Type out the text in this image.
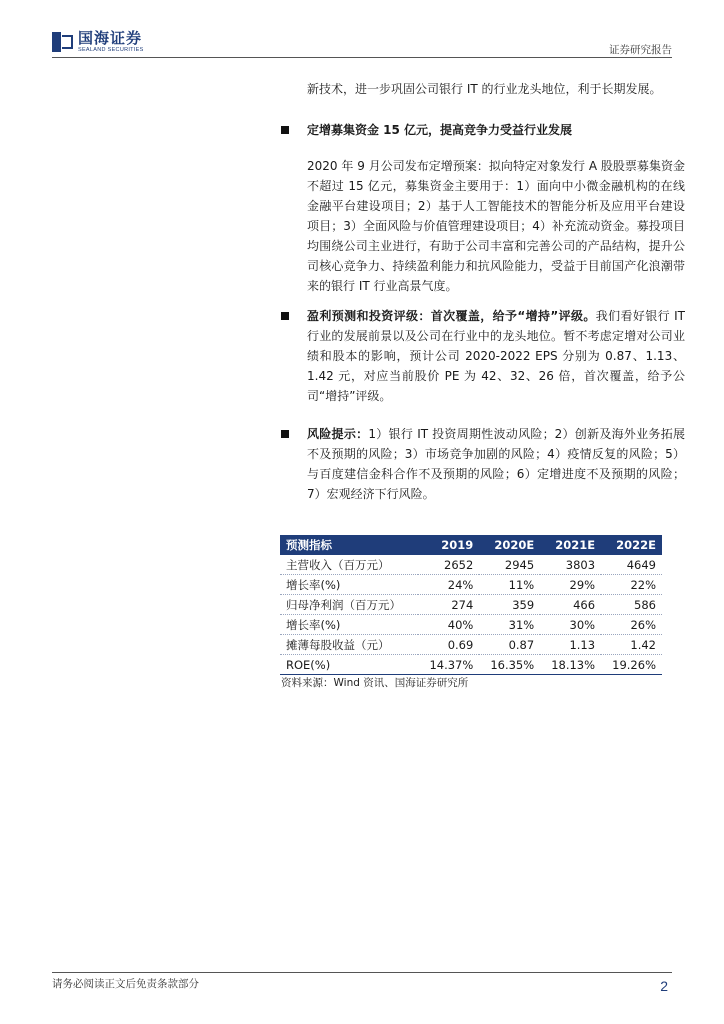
国海证券
SEALAND SECURITIES	证券研究报告
新技术，进一步巩固公司银行 IT 的行业龙头地位，利于长期发展。
定增募集资金 15 亿元，提高竞争力受益行业发展
2020 年 9 月公司发布定增预案：拟向特定对象发行 A 股股票募集资金不超过 15 亿元，募集资金主要用于：1）面向中小微金融机构的在线金融平台建设项目；2）基于人工智能技术的智能分析及应用平台建设项目；3）全面风险与价值管理建设项目；4）补充流动资金。募投项目均围绕公司主业进行，有助于公司丰富和完善公司的产品结构，提升公司核心竞争力、持续盈利能力和抗风险能力，受益于目前国产化浪潮带来的银行 IT 行业高景气度。
盈利预测和投资评级：首次覆盖，给予“增持”评级。我们看好银行 IT 行业的发展前景以及公司在行业中的龙头地位。暂不考虑定增对公司业绩和股本的影响，预计公司 2020-2022 EPS 分别为 0.87、1.13、1.42 元，对应当前股价 PE 为 42、32、26 倍，首次覆盖，给予公司“增持”评级。
风险提示：1）银行 IT 投资周期性波动风险；2）创新及海外业务拓展不及预期的风险；3）市场竞争加剧的风险；4）疫情反复的风险；5）与百度建信金科合作不及预期的风险；6）定增进度不及预期的风险；7）宏观经济下行风险。
预测指标	2019	2020E	2021E	2022E
主营收入（百万元）	2652	2945	3803	4649
增长率(%)	24%	11%	29%	22%
归母净利润（百万元）	274	359	466	586
增长率(%)	40%	31%	30%	26%
摊薄每股收益（元）	0.69	0.87	1.13	1.42
ROE(%)	14.37%	16.35%	18.13%	19.26%
资料来源：Wind 资讯、国海证券研究所
请务必阅读正文后免责条款部分	2
